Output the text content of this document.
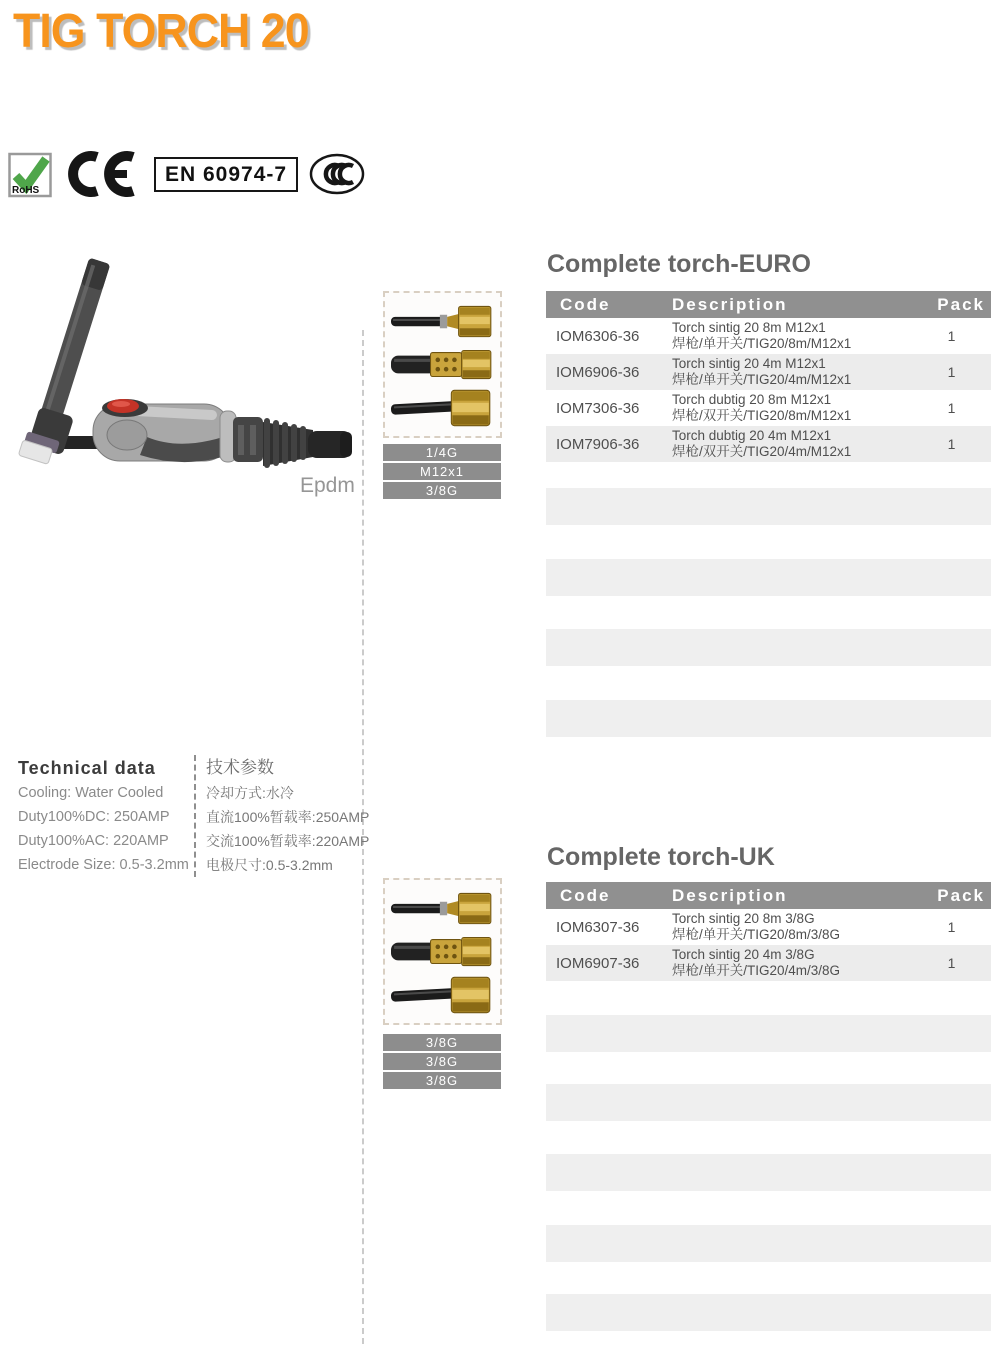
TIG TORCH 20
RoHS
EN 60974-7
Epdm
1/4G
M12x1
3/8G
Complete torch-EURO
Code	Description	Pack
IOM6306-36	Torch sintig 20 8m M12x1
焊枪/单开关/TIG20/8m/M12x1	1
IOM6906-36	Torch sintig 20 4m M12x1
焊枪/单开关/TIG20/4m/M12x1	1
IOM7306-36	Torch dubtig 20 8m M12x1
焊枪/双开关/TIG20/8m/M12x1	1
IOM7906-36	Torch dubtig 20 4m M12x1
焊枪/双开关/TIG20/4m/M12x1	1
Technical data
Cooling: Water Cooled
Duty100%DC: 250AMP
Duty100%AC: 220AMP
Electrode Size: 0.5-3.2mm
技术参数
冷却方式:水冷
直流100%暂载率:250AMP
交流100%暂载率:220AMP
电极尺寸:0.5-3.2mm	Complete torch-UK
Code	Description	Pack
IOM6307-36	Torch sintig 20 8m 3/8G
焊枪/单开关/TIG20/8m/3/8G	1
IOM6907-36	Torch sintig 20 4m 3/8G
焊枪/单开关/TIG20/4m/3/8G	1
3/8G
3/8G
3/8G
